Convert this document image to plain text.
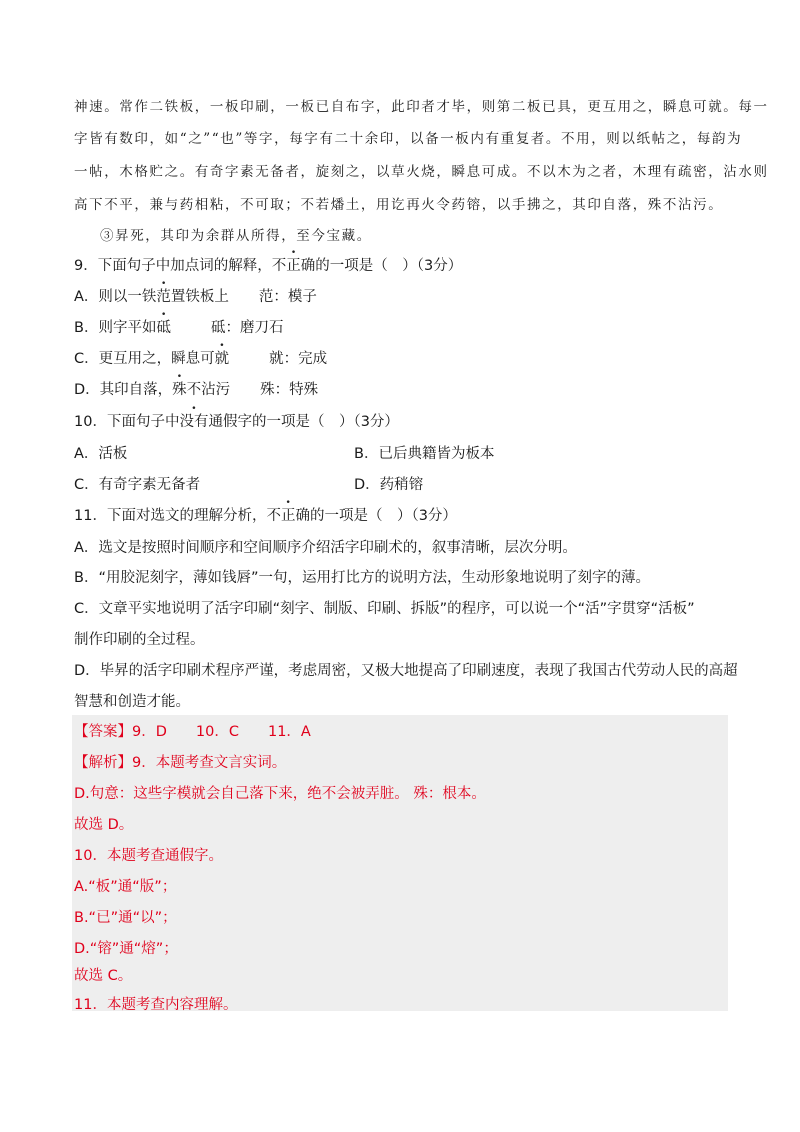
神速。常作二铁板，一板印刷，一板已自布字，此印者才毕，则第二板已具，更互用之，瞬息可就。每一
字皆有数印，如“之”“也”等字，每字有二十余印，以备一板内有重复者。不用，则以纸帖之，每韵为
一帖，木格贮之。有奇字素无备者，旋刻之，以草火烧，瞬息可成。不以木为之者，木理有疏密，沾水则
高下不平，兼与药相粘，不可取；不若燔土，用讫再火令药镕，以手拂之，其印自落，殊不沾污。
③昇死，其印为余群从所得，至今宝藏。
9．下面句子中加点词的解释，不正确的一项是（　）（3分）
A．则以一铁范置铁板上 范：模子
B．则字平如砥	砥：磨刀石
C．更互用之，瞬息可就	就：完成
D．其印自落，殊不沾污 殊：特殊
10．下面句子中没有通假字的一项是（　）（3分）
A．活板	B．已后典籍皆为板本
C．有奇字素无备者	D．药稍镕
11．下面对选文的理解分析，不正确的一项是（　）（3分）
A．选文是按照时间顺序和空间顺序介绍活字印刷术的，叙事清晰，层次分明。
B．“用胶泥刻字，薄如钱唇”一句，运用打比方的说明方法，生动形象地说明了刻字的薄。
C．文章平实地说明了活字印刷“刻字、制版、印刷、拆版”的程序，可以说一个“活”字贯穿“活板”
制作印刷的全过程。
D．毕昇的活字印刷术程序严谨，考虑周密，又极大地提高了印刷速度，表现了我国古代劳动人民的高超
智慧和创造才能。
【答案】9．D　　10．C　　11．A
【解析】9．本题考查文言实词。
D.句意：这些字模就会自己落下来，绝不会被弄脏。 殊：根本。
故选 D。
10．本题考查通假字。
A.“板”通“版”；
B.“已”通“以”；
D.“镕”通“熔”；
故选 C。
11．本题考查内容理解。
